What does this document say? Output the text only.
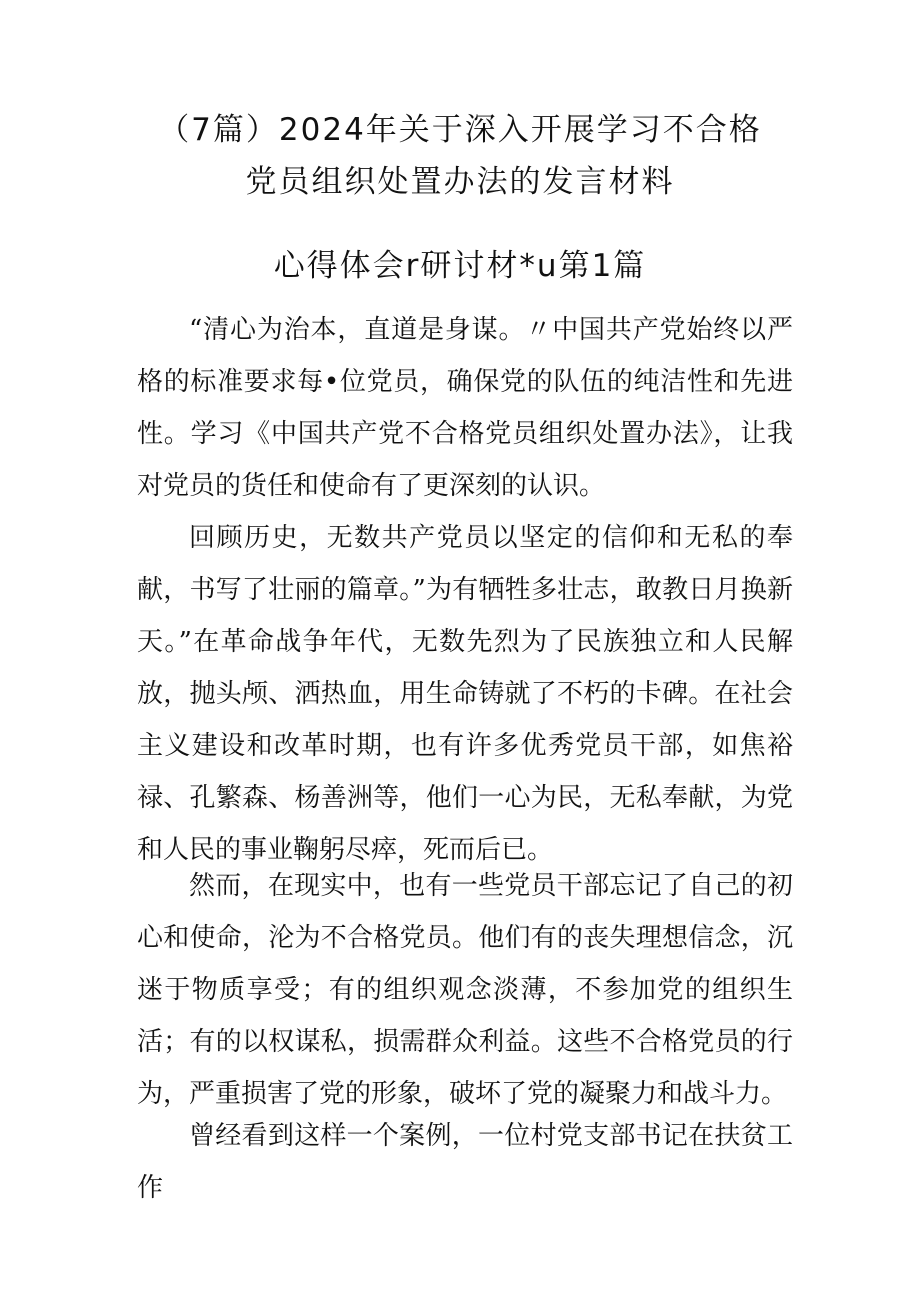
（7篇）2024年关于深入开展学习不合格
党员组织处置办法的发言材料
心得体会r研讨材*u第1篇

“清心为治本，直道是身谋。〃中国共产党始终以严格的标准要求每•位党员，确保党的队伍的纯洁性和先进性。学习《中国共产党不合格党员组织处置办法》，让我对党员的货任和使命有了更深刻的认识。

回顾历史，无数共产党员以坚定的信仰和无私的奉献，书写了壮丽的篇章。”为有牺牲多壮志，敢教日月换新天。”在革命战争年代，无数先烈为了民族独立和人民解放，抛头颅、洒热血，用生命铸就了不朽的卡碑。在社会主义建设和改革时期，也有许多优秀党员干部，如焦裕禄、孔繁森、杨善洲等，他们一心为民，无私奉献，为党和人民的事业鞠躬尽瘁，死而后已。

然而，在现实中，也有一些党员干部忘记了自己的初心和使命，沦为不合格党员。他们有的丧失理想信念，沉迷于物质享受；有的组织观念淡薄，不参加党的组织生活；有的以权谋私，损需群众利益。这些不合格党员的行为，严重损害了党的形象，破坏了党的凝聚力和战斗力。

曾经看到这样一个案例，一位村党支部书记在扶贫工作
